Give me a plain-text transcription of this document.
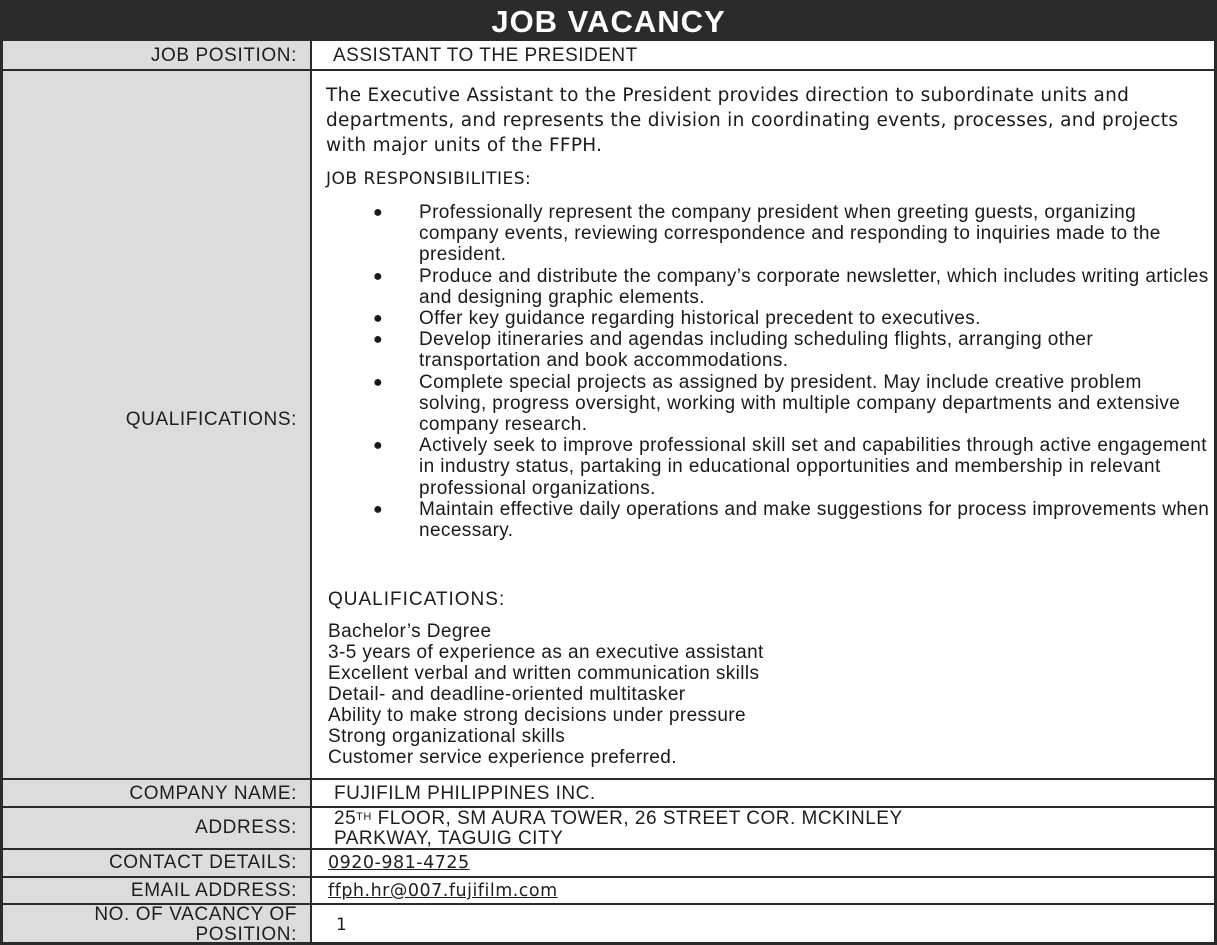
JOB VACANCY
JOB POSITION: ASSISTANT TO THE PRESIDENT
QUALIFICATIONS:
The Executive Assistant to the President provides direction to subordinate units and departments, and represents the division in coordinating events, processes, and projects with major units of the FFPH.
JOB RESPONSIBILITIES:
● Professionally represent the company president when greeting guests, organizing company events, reviewing correspondence and responding to inquiries made to the president.
● Produce and distribute the company’s corporate newsletter, which includes writing articles and designing graphic elements.
● Offer key guidance regarding historical precedent to executives.
● Develop itineraries and agendas including scheduling flights, arranging other transportation and book accommodations.
● Complete special projects as assigned by president. May include creative problem solving, progress oversight, working with multiple company departments and extensive company research.
● Actively seek to improve professional skill set and capabilities through active engagement in industry status, partaking in educational opportunities and membership in relevant professional organizations.
● Maintain effective daily operations and make suggestions for process improvements when necessary.
QUALIFICATIONS:
Bachelor’s Degree
3-5 years of experience as an executive assistant
Excellent verbal and written communication skills
Detail- and deadline-oriented multitasker
Ability to make strong decisions under pressure
Strong organizational skills
Customer service experience preferred.
COMPANY NAME: FUJIFILM PHILIPPINES INC.
ADDRESS: 25TH FLOOR, SM AURA TOWER, 26 STREET COR. MCKINLEY
PARKWAY, TAGUIG CITY
CONTACT DETAILS: 0920-981-4725
EMAIL ADDRESS: ffph.hr@007.fujifilm.com
NO. OF VACANCY OF
POSITION: 1
